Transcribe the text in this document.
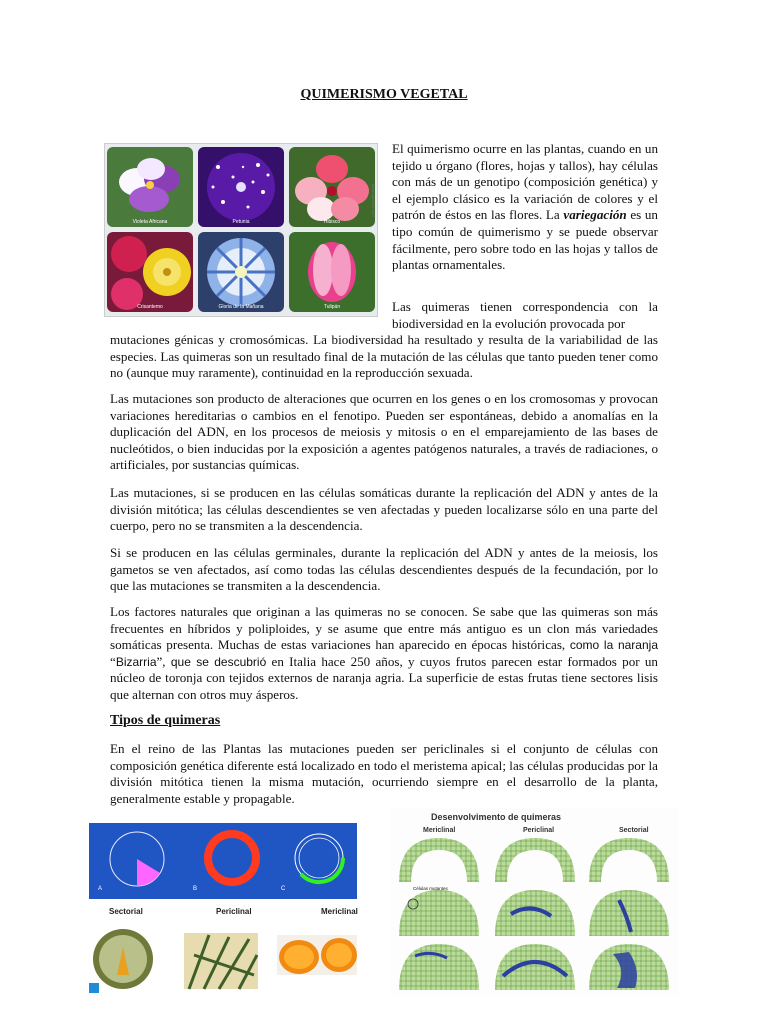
QUIMERISMO VEGETAL
Violeta Africana	Petunia	Hibisco
Crisantemo	Gloria de la Mañana	Tulipán
www.agrarios.com

El quimerismo ocurre en las plantas, cuando en un tejido u órgano (flores, hojas y tallos), hay células con más de un genotipo (composición genética) y el ejemplo clásico es la variación de colores y el patrón de éstos en las flores. La variegación es un tipo común de quimerismo y se puede observar fácilmente, pero sobre todo en las hojas y tallos de plantas ornamentales.

Las quimeras tienen correspondencia con la biodiversidad en la evolución provocada por

mutaciones génicas y cromosómicas. La biodiversidad ha resultado y resulta de la variabilidad de las especies. Las quimeras son un resultado final de la mutación de las células que tanto pueden tener como no (aunque muy raramente), continuidad en la reproducción sexuada.

Las mutaciones son producto de alteraciones que ocurren en los genes o en los cromosomas y provocan variaciones hereditarias o cambios en el fenotipo. Pueden ser espontáneas, debido a anomalías en la duplicación del ADN, en los procesos de meiosis y mitosis o en el emparejamiento de las bases de nucleótidos, o bien inducidas por la exposición a agentes patógenos naturales, a través de radiaciones, o artificiales, por sustancias químicas.

Las mutaciones, si se producen en las células somáticas durante la replicación del ADN y antes de la división mitótica; las células descendientes se ven afectadas y pueden localizarse sólo en una parte del cuerpo, pero no se transmiten a la descendencia.

Si se producen en las células germinales, durante la replicación del ADN y antes de la meiosis, los gametos se ven afectados, así como todas las células descendientes después de la fecundación, por lo que las mutaciones se transmiten a la descendencia.

Los factores naturales que originan a las quimeras no se conocen. Se sabe que las quimeras son más frecuentes en híbridos y poliploides, y se asume que entre más antiguo es un clon más variedades somáticas presenta. Muchas de estas variaciones han aparecido en épocas históricas, como la naranja “Bizarria”, que se descubrió en Italia hace 250 años, y cuyos frutos parecen estar formados por un núcleo de toronja con tejidos externos de naranja agria. La superficie de estas frutas tiene sectores lisis que alternan con otros muy ásperos.

Tipos de quimeras

En el reino de las Plantas las mutaciones pueden ser periclinales si el conjunto de células con composición genética diferente está localizado en todo el meristema apical; las células producidas por la división mitótica tienen la misma mutación, ocurriendo siempre en el desarrollo de la planta, generalmente estable y propagable.

A	B	C
Sectorial	Periclinal	Mericlinal
Desenvolvimento de quimeras
Mericlinal	Periclinal	Sectorial
Células mutantes
